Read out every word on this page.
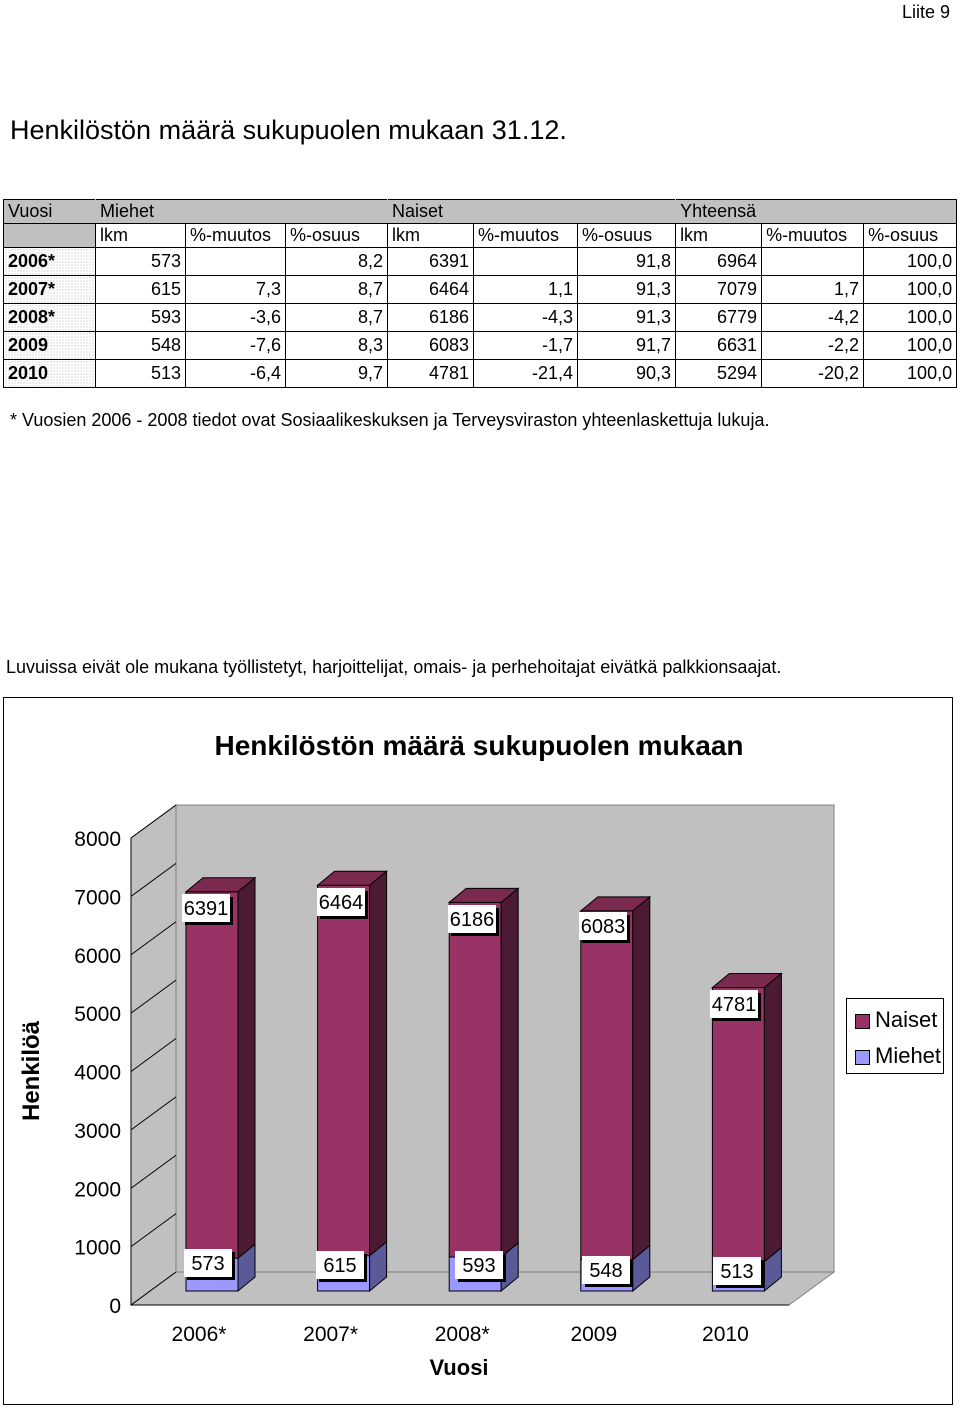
Liite 9
Henkilöstön määrä sukupuolen mukaan 31.12.
Vuosi	Miehet			Naiset			Yhteensä		
	lkm	%-muutos	%-osuus	lkm	%-muutos	%-osuus	lkm	%-muutos	%-osuus
2006*	573		8,2	6391		91,8	6964		100,0
2007*	615	7,3	8,7	6464	1,1	91,3	7079	1,7	100,0
2008*	593	-3,6	8,7	6186	-4,3	91,3	6779	-4,2	100,0
2009	548	-7,6	8,3	6083	-1,7	91,7	6631	-2,2	100,0
2010	513	-6,4	9,7	4781	-21,4	90,3	5294	-20,2	100,0
* Vuosien 2006 - 2008 tiedot ovat Sosiaalikeskuksen ja Terveysviraston yhteenlaskettuja lukuja.
Luvuissa eivät ole mukana työllistetyt, harjoittelijat, omais- ja perhehoitajat eivätkä palkkionsaajat.
Henkilöstön määrä sukupuolen mukaan
0
1000
2000
3000
4000
5000
6000
7000
8000
573
6391
615
6464
593
6186
548
6083
513
4781
2006*	2007*	2008*	2009	2010
Vuosi
Henkilöä
Naiset
Miehet
